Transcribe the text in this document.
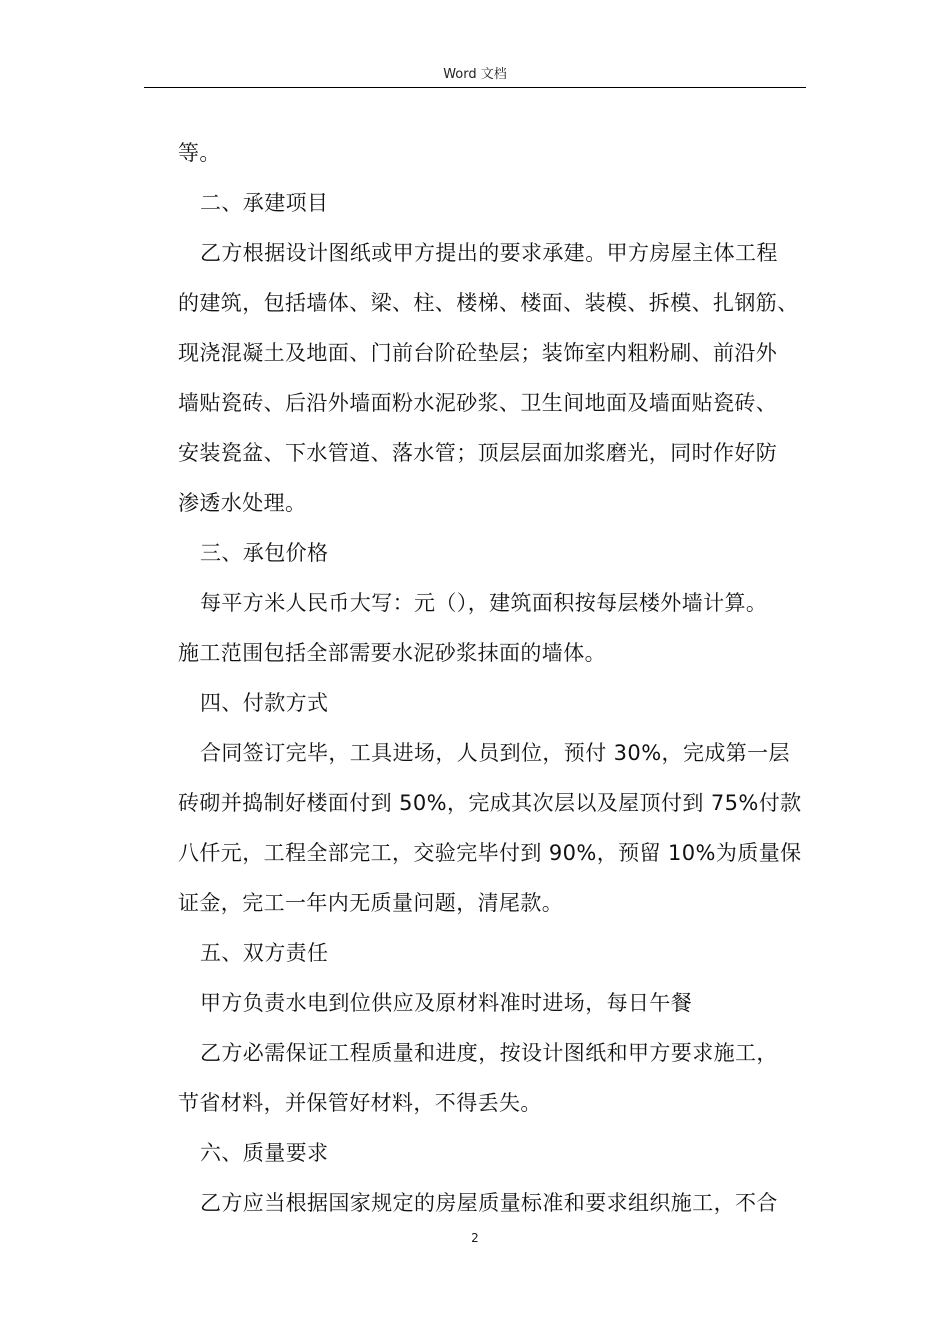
Word 文档
等。
二、承建项目
乙方根据设计图纸或甲方提出的要求承建。甲方房屋主体工程
的建筑，包括墙体、梁、柱、楼梯、楼面、装模、拆模、扎钢筋、
现浇混凝土及地面、门前台阶砼垫层；装饰室内粗粉刷、前沿外
墙贴瓷砖、后沿外墙面粉水泥砂浆、卫生间地面及墙面贴瓷砖、
安装瓷盆、下水管道、落水管；顶层层面加浆磨光，同时作好防
渗透水处理。
三、承包价格
每平方米人民币大写：元（），建筑面积按每层楼外墙计算。
施工范围包括全部需要水泥砂浆抹面的墙体。
四、付款方式
合同签订完毕，工具进场，人员到位，预付 30%，完成第一层
砖砌并捣制好楼面付到 50%，完成其次层以及屋顶付到 75%付款
八仟元，工程全部完工，交验完毕付到 90%，预留 10%为质量保
证金，完工一年内无质量问题，清尾款。
五、双方责任
甲方负责水电到位供应及原材料准时进场，每日午餐
乙方必需保证工程质量和进度，按设计图纸和甲方要求施工，
节省材料，并保管好材料，不得丢失。
六、质量要求
乙方应当根据国家规定的房屋质量标准和要求组织施工，不合
2
